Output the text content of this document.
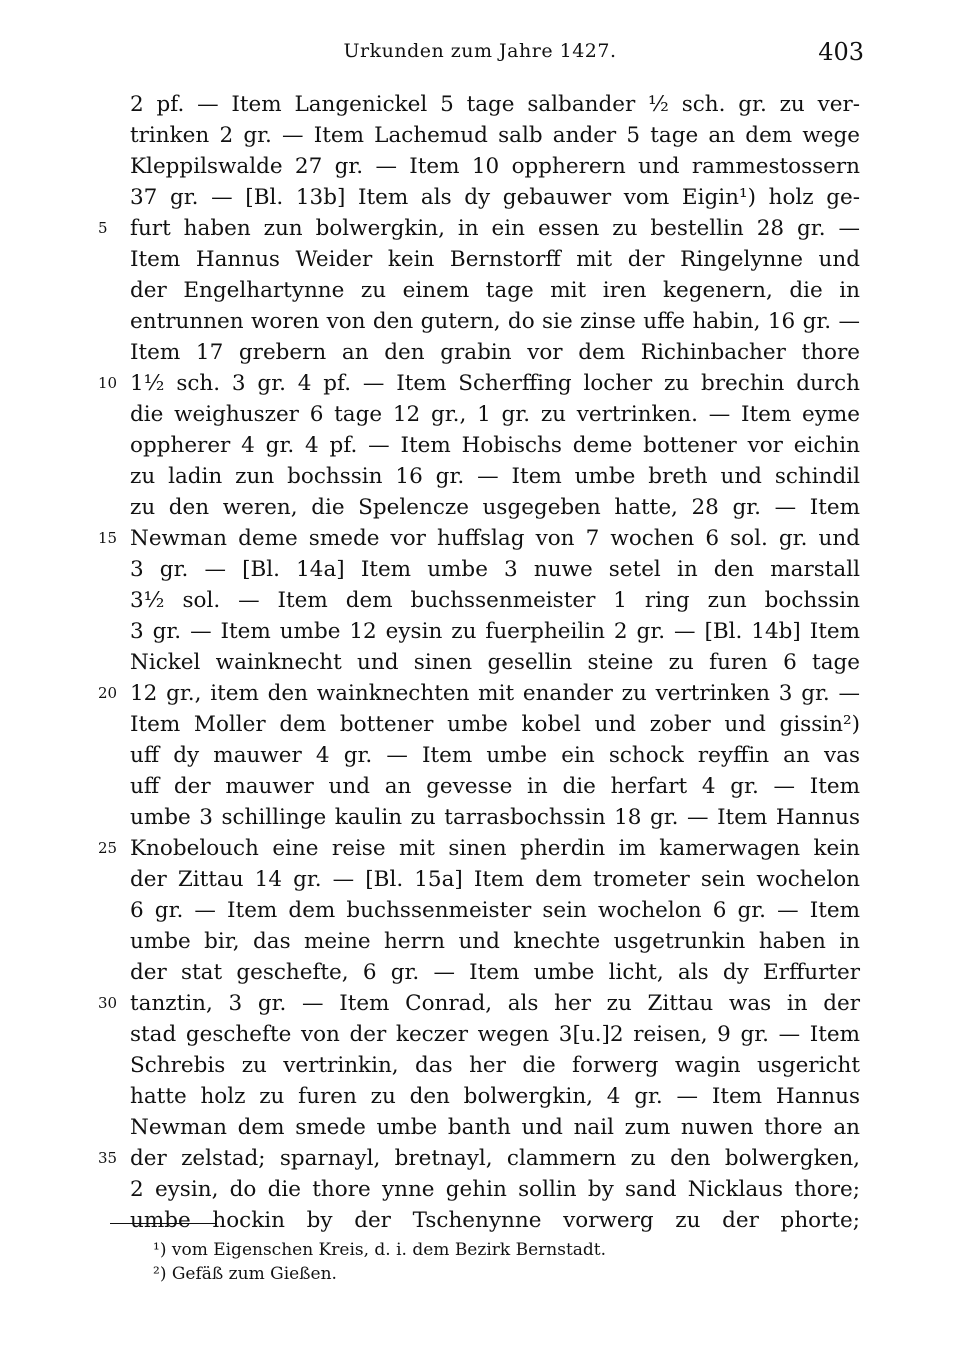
Urkunden zum Jahre 1427.	403
2 pf. — Item Langenickel 5 tage salbander ½ sch. gr. zu ver-
trinken 2 gr. — Item Lachemud salb ander 5 tage an dem wege
Kleppilswalde 27 gr. — Item 10 oppherern und rammestossern
37 gr. — [Bl. 13b] Item als dy gebauwer vom Eigin¹) holz ge-
furt haben zun bolwergkin, in ein essen zu bestellin 28 gr. —
Item Hannus Weider kein Bernstorff mit der Ringelynne und
der Engelhartynne zu einem tage mit iren kegenern, die in
entrunnen woren von den gutern, do sie zinse uffe habin, 16 gr. —
Item 17 grebern an den grabin vor dem Richinbacher thore
1½ sch. 3 gr. 4 pf. — Item Scherffing locher zu brechin durch
die weighuszer 6 tage 12 gr., 1 gr. zu vertrinken. — Item eyme
oppherer 4 gr. 4 pf. — Item Hobischs deme bottener vor eichin
zu ladin zun bochssin 16 gr. — Item umbe breth und schindil
zu den weren, die Spelencze usgegeben hatte, 28 gr. — Item
Newman deme smede vor huffslag von 7 wochen 6 sol. gr. und
3 gr. — [Bl. 14a] Item umbe 3 nuwe setel in den marstall
3½ sol. — Item dem buchssenmeister 1 ring zun bochssin
3 gr. — Item umbe 12 eysin zu fuerpheilin 2 gr. — [Bl. 14b] Item
Nickel wainknecht und sinen gesellin steine zu furen 6 tage
12 gr., item den wainknechten mit enander zu vertrinken 3 gr. —
Item Moller dem bottener umbe kobel und zober und gissin²)
uff dy mauwer 4 gr. — Item umbe ein schock reyffin an vas
uff der mauwer und an gevesse in die herfart 4 gr. — Item
umbe 3 schillinge kaulin zu tarrasbochssin 18 gr. — Item Hannus
Knobelouch eine reise mit sinen pherdin im kamerwagen kein
der Zittau 14 gr. — [Bl. 15a] Item dem trometer sein wochelon
6 gr. — Item dem buchssenmeister sein wochelon 6 gr. — Item
umbe bir, das meine herrn und knechte usgetrunkin haben in
der stat geschefte, 6 gr. — Item umbe licht, als dy Erffurter
tanztin, 3 gr. — Item Conrad, als her zu Zittau was in der
stad geschefte von der keczer wegen 3[u.]2 reisen, 9 gr. — Item
Schrebis zu vertrinkin, das her die forwerg wagin usgericht
hatte holz zu furen zu den bolwergkin, 4 gr. — Item Hannus
Newman dem smede umbe banth und nail zum nuwen thore an
der zelstad; sparnayl, bretnayl, clammern zu den bolwergken,
2 eysin, do die thore ynne gehin sollin by sand Nicklaus thore;
umbe hockin by der Tschenynne vorwerg zu der phorte;
5
10
15
20
25
30
35
¹) vom Eigenschen Kreis, d. i. dem Bezirk Bernstadt.
²) Gefäß zum Gießen.
